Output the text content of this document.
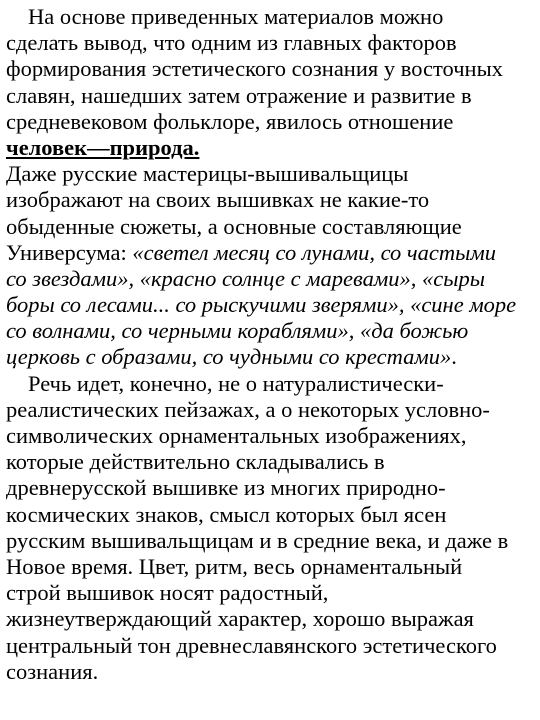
На основе приведенных материалов можно
сделать вывод, что одним из главных факторов
формирования эстетического сознания у восточных
славян, нашедших затем отражение и развитие в
средневековом фольклоре, явилось отношение
человек—природа.
Даже русские мастерицы-вышивальщицы
изображают на своих вышивках не какие-то
обыденные сюжеты, а основные составляющие
Универсума: «светел месяц со лунами, со частыми
со звездами», «красно солнце с маревами», «сыры
боры со лесами... со рыскучими зверями», «сине море
со волнами, со черными кораблями», «да божью
церковь с образами, со чудными со крестами».
Речь идет, конечно, не о натуралистически-
реалистических пейзажах, а о некоторых условно-
символических орнаментальных изображениях,
которые действительно складывались в
древнерусской вышивке из многих природно-
космических знаков, смысл которых был ясен
русским вышивальщицам и в средние века, и даже в
Новое время. Цвет, ритм, весь орнаментальный
строй вышивок носят радостный,
жизнеутверждающий характер, хорошо выражая
центральный тон древнеславянского эстетического
сознания.
